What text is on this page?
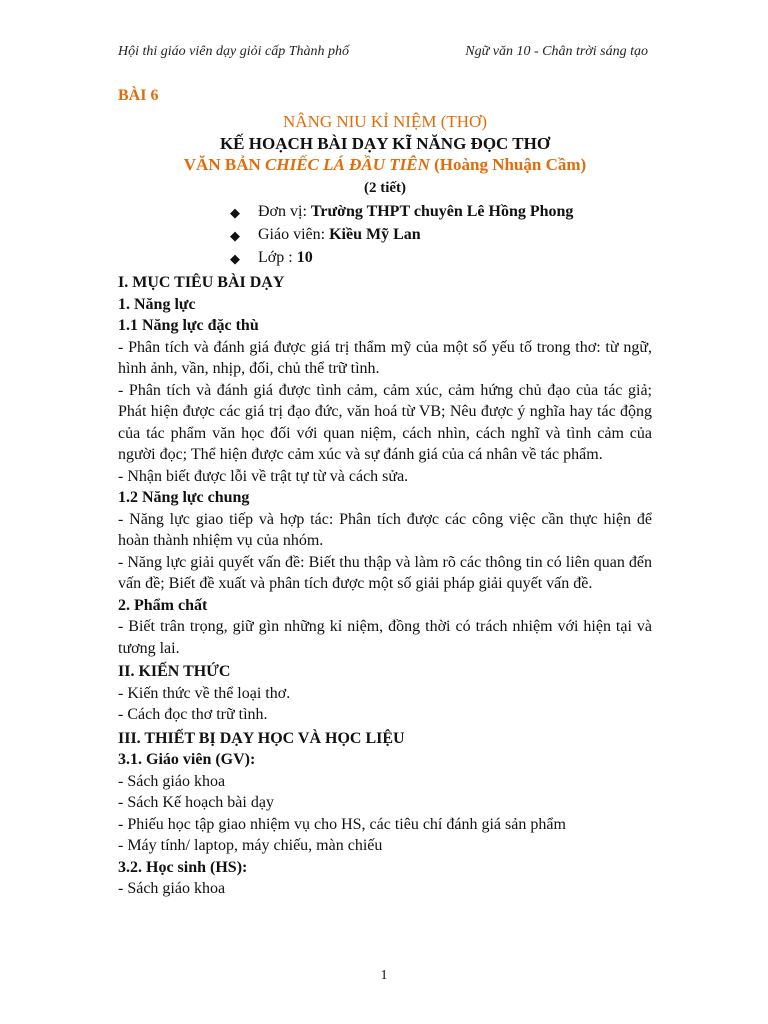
Hội thi giáo viên dạy giỏi cấp Thành phố	Ngữ văn 10 - Chân trời sáng tạo
BÀI 6
NÂNG NIU KỈ NIỆM (THƠ)
KẾ HOẠCH BÀI DẠY KĨ NĂNG ĐỌC THƠ
VĂN BẢN CHIẾC LÁ ĐẦU TIÊN (Hoàng Nhuận Cầm)
(2 tiết)
◆ Đơn vị: Trường THPT chuyên Lê Hồng Phong
◆ Giáo viên: Kiều Mỹ Lan
◆ Lớp : 10
I. MỤC TIÊU BÀI DẠY
1. Năng lực
1.1 Năng lực đặc thù

- Phân tích và đánh giá được giá trị thẩm mỹ của một số yếu tố trong thơ: từ ngữ, hình ảnh, vần, nhịp, đối, chủ thể trữ tình.

- Phân tích và đánh giá được tình cảm, cảm xúc, cảm hứng chủ đạo của tác giả; Phát hiện được các giá trị đạo đức, văn hoá từ VB; Nêu được ý nghĩa hay tác động của tác phẩm văn học đối với quan niệm, cách nhìn, cách nghĩ và tình cảm của người đọc; Thể hiện được cảm xúc và sự đánh giá của cá nhân về tác phẩm.

- Nhận biết được lỗi về trật tự từ và cách sửa.

1.2 Năng lực chung

- Năng lực giao tiếp và hợp tác: Phân tích được các công việc cần thực hiện để hoàn thành nhiệm vụ của nhóm.

- Năng lực giải quyết vấn đề: Biết thu thập và làm rõ các thông tin có liên quan đến vấn đề; Biết đề xuất và phân tích được một số giải pháp giải quyết vấn đề.

2. Phẩm chất

- Biết trân trọng, giữ gìn những kỉ niệm, đồng thời có trách nhiệm với hiện tại và tương lai.

II. KIẾN THỨC

- Kiến thức về thể loại thơ.

- Cách đọc thơ trữ tình.

III. THIẾT BỊ DẠY HỌC VÀ HỌC LIỆU
3.1. Giáo viên (GV):

- Sách giáo khoa

- Sách Kế hoạch bài dạy

- Phiếu học tập giao nhiệm vụ cho HS, các tiêu chí đánh giá sản phẩm

- Máy tính/ laptop, máy chiếu, màn chiếu

3.2. Học sinh (HS):

- Sách giáo khoa

1
